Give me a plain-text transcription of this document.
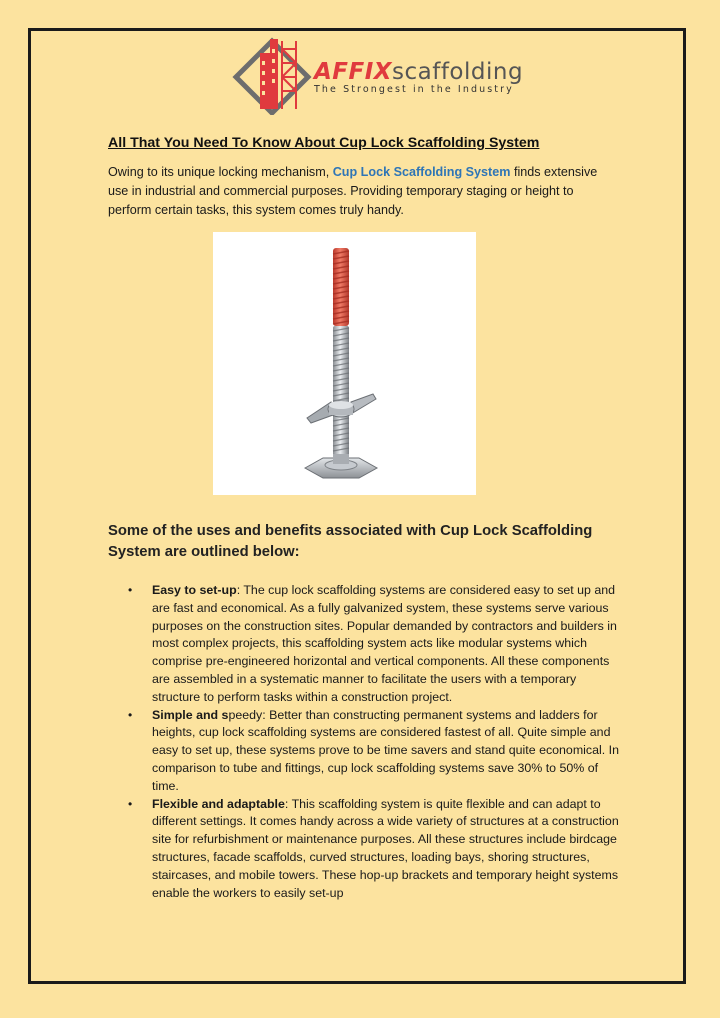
AFFIXscaffolding
The Strongest in the Industry
All That You Need To Know About Cup Lock Scaffolding System
Owing to its unique locking mechanism, Cup Lock Scaffolding System finds extensive use in industrial and commercial purposes. Providing temporary staging or height to perform certain tasks, this system comes truly handy.
Some of the uses and benefits associated with Cup Lock Scaffolding System are outlined below:
• Easy to set-up: The cup lock scaffolding systems are considered easy to set up and are fast and economical. As a fully galvanized system, these systems serve various purposes on the construction sites. Popular demanded by contractors and builders in most complex projects, this scaffolding system acts like modular systems which comprise pre-engineered horizontal and vertical components. All these components are assembled in a systematic manner to facilitate the users with a temporary structure to perform tasks within a construction project.
• Simple and speedy: Better than constructing permanent systems and ladders for heights, cup lock scaffolding systems are considered fastest of all. Quite simple and easy to set up, these systems prove to be time savers and stand quite economical. In comparison to tube and fittings, cup lock scaffolding systems save 30% to 50% of time.
• Flexible and adaptable: This scaffolding system is quite flexible and can adapt to different settings. It comes handy across a wide variety of structures at a construction site for refurbishment or maintenance purposes. All these structures include birdcage structures, facade scaffolds, curved structures, loading bays, shoring structures, staircases, and mobile towers. These hop-up brackets and temporary height systems enable the workers to easily set-up
